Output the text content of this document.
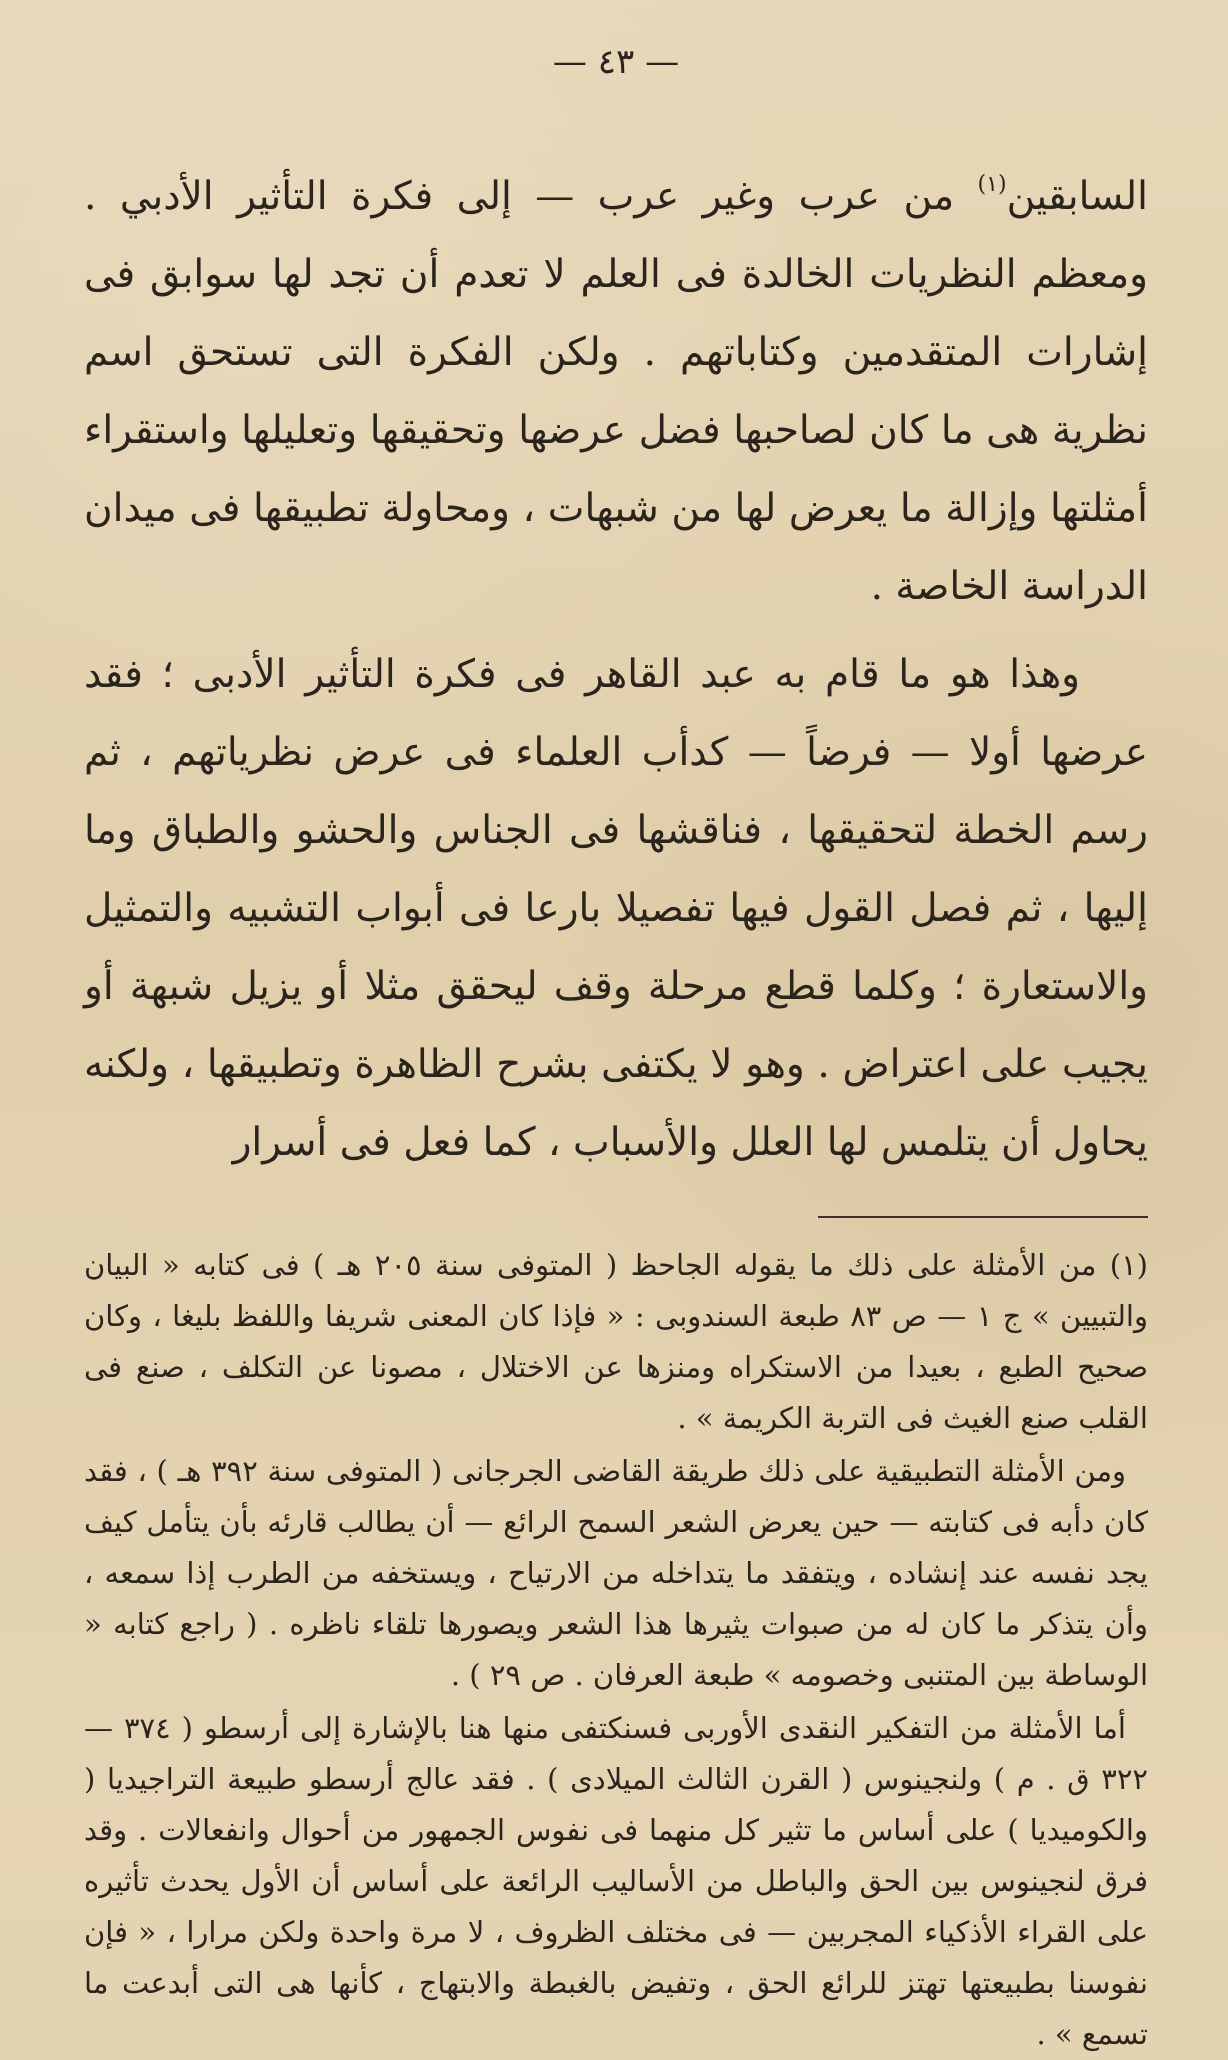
— ٤٣ —

السابقين$^{(١)}$ من عرب وغير عرب — إلى فكرة التأثير الأدبي . ومعظم النظريات الخالدة فى العلم لا تعدم أن تجد لها سوابق فى إشارات المتقدمين وكتاباتهم . ولكن الفكرة التى تستحق اسم نظرية هى ما كان لصاحبها فضل عرضها وتحقيقها وتعليلها واستقراء أمثلتها وإزالة ما يعرض لها من شبهات ، ومحاولة تطبيقها فى ميدان الدراسة الخاصة .

وهذا هو ما قام به عبد القاهر فى فكرة التأثير الأدبى ؛ فقد عرضها أولا — فرضاً — كدأب العلماء فى عرض نظرياتهم ، ثم رسم الخطة لتحقيقها ، فناقشها فى الجناس والحشو والطباق وما إليها ، ثم فصل القول فيها تفصيلا بارعا فى أبواب التشبيه والتمثيل والاستعارة ؛ وكلما قطع مرحلة وقف ليحقق مثلا أو يزيل شبهة أو يجيب على اعتراض . وهو لا يكتفى بشرح الظاهرة وتطبيقها ، ولكنه يحاول أن يتلمس لها العلل والأسباب ، كما فعل فى أسرار

(١) من الأمثلة على ذلك ما يقوله الجاحظ ( المتوفى سنة ٢٠٥ هـ ) فى كتابه « البيان والتبيين » ج ١ — ص ٨٣ طبعة السندوبى : « فإذا كان المعنى شريفا واللفظ بليغا ، وكان صحيح الطبع ، بعيدا من الاستكراه ومنزها عن الاختلال ، مصونا عن التكلف ، صنع فى القلب صنع الغيث فى التربة الكريمة » .

ومن الأمثلة التطبيقية على ذلك طريقة القاضى الجرجانى ( المتوفى سنة ٣٩٢ هـ ) ، فقد كان دأبه فى كتابته — حين يعرض الشعر السمح الرائع — أن يطالب قارئه بأن يتأمل كيف يجد نفسه عند إنشاده ، ويتفقد ما يتداخله من الارتياح ، ويستخفه من الطرب إذا سمعه ، وأن يتذكر ما كان له من صبوات يثيرها هذا الشعر ويصورها تلقاء ناظره . ( راجع كتابه « الوساطة بين المتنبى وخصومه » طبعة العرفان . ص ٢٩ ) .

أما الأمثلة من التفكير النقدى الأوربى فسنكتفى منها هنا بالإشارة إلى أرسطو ( ٣٧٤ — ٣٢٢ ق . م ) ولنجينوس ( القرن الثالث الميلادى ) . فقد عالج أرسطو طبيعة التراجيديا ( والكوميديا ) على أساس ما تثير كل منهما فى نفوس الجمهور من أحوال وانفعالات . وقد فرق لنجينوس بين الحق والباطل من الأساليب الرائعة على أساس أن الأول يحدث تأثيره على القراء الأذكياء المجربين — فى مختلف الظروف ، لا مرة واحدة ولكن مرارا ، « فإن نفوسنا بطبيعتها تهتز للرائع الحق ، وتفيض بالغبطة والابتهاج ، كأنها هى التى أبدعت ما تسمع » .
